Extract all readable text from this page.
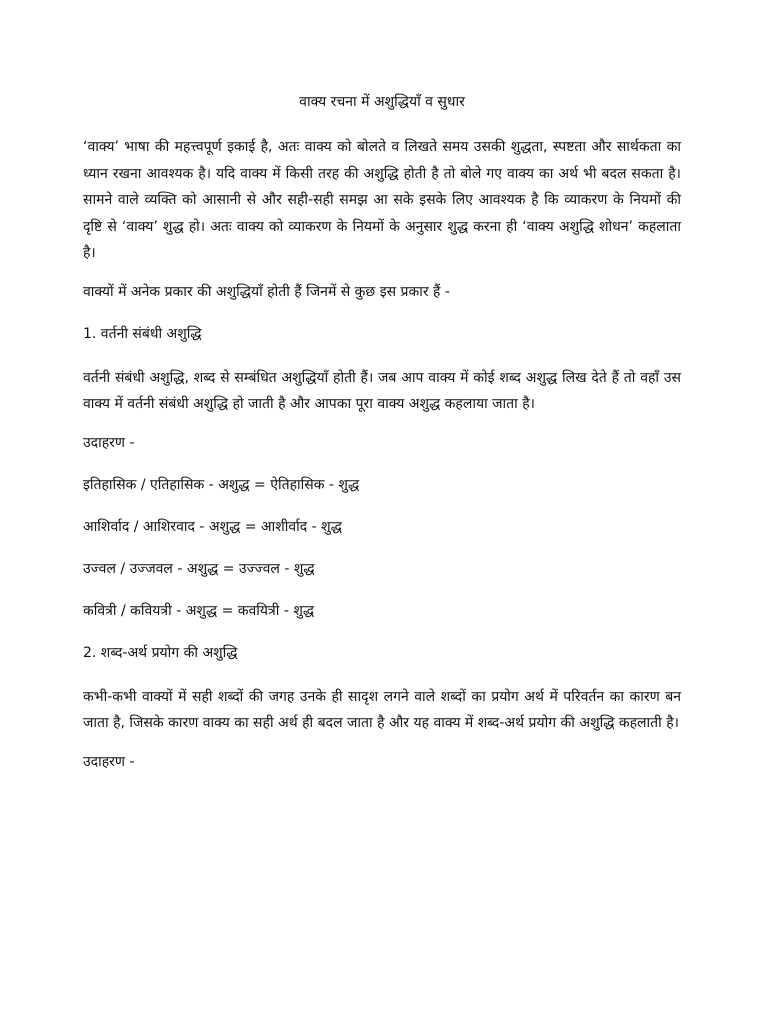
वाक्य रचना में अशुद्धियाँ व सुधार

‘वाक्य’ भाषा की महत्त्वपूर्ण इकाई है, अतः वाक्य को बोलते व लिखते समय उसकी शुद्धता, स्पष्टता और सार्थकता का ध्यान रखना आवश्यक है। यदि वाक्य में किसी तरह की अशुद्धि होती है तो बोले गए वाक्य का अर्थ भी बदल सकता है। सामने वाले व्यक्ति को आसानी से और सही-सही समझ आ सके इसके लिए आवश्यक है कि व्याकरण के नियमों की दृष्टि से ‘वाक्य’ शुद्ध हो। अतः वाक्य को व्याकरण के नियमों के अनुसार शुद्ध करना ही ‘वाक्य अशुद्धि शोधन’ कहलाता है।

वाक्यों में अनेक प्रकार की अशुद्धियाँ होती हैं जिनमें से कुछ इस प्रकार हैं -

1. वर्तनी संबंधी अशुद्धि

वर्तनी संबंधी अशुद्धि, शब्द से सम्बंधित अशुद्धियाँ होती हैं। जब आप वाक्य में कोई शब्द अशुद्ध लिख देते हैं तो वहाँ उस वाक्य में वर्तनी संबंधी अशुद्धि हो जाती है और आपका पूरा वाक्य अशुद्ध कहलाया जाता है।

उदाहरण -

इतिहासिक / एतिहासिक - अशुद्ध = ऐतिहासिक - शुद्ध

आशिर्वाद / आशिरवाद - अशुद्ध = आशीर्वाद - शुद्ध

उज्वल / उज्जवल - अशुद्ध = उज्ज्वल - शुद्ध

कवित्री / कवियत्री - अशुद्ध = कवयित्री - शुद्ध

2. शब्द-अर्थ प्रयोग की अशुद्धि

कभी-कभी वाक्यों में सही शब्दों की जगह उनके ही सादृश लगने वाले शब्दों का प्रयोग अर्थ में परिवर्तन का कारण बन जाता है, जिसके कारण वाक्य का सही अर्थ ही बदल जाता है और यह वाक्य में शब्द-अर्थ प्रयोग की अशुद्धि कहलाती है।

उदाहरण -
